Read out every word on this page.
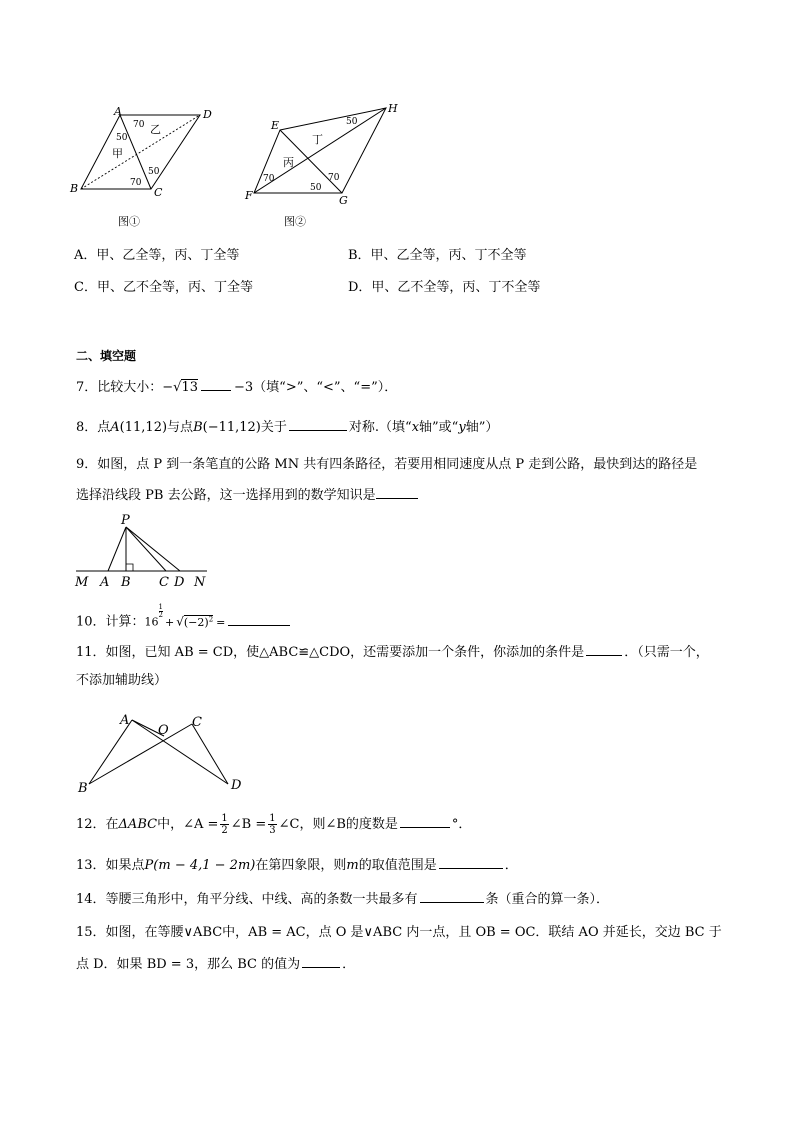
A	D
B	C
70
50
50
70
乙
甲
图①
E
H
F	G
50
70
50
70
丁
丙
图②
A．甲、乙全等，丙、丁全等	B．甲、乙全等，丙、丁不全等
C．甲、乙不全等，丙、丁全等	D．甲、乙不全等，丙、丁不全等
二、填空题
7．比较大小：−√13	−3（填“>”、“<”、“=”）．
8．点A(11,12)与点B(−11,12)关于	对称.（填“x轴”或“y轴”）
9．如图，点 P 到一条笔直的公路 MN 共有四条路径，若要用相同速度从点 P 走到公路，最快到达的路径是
选择沿线段 PB 去公路，这一选择用到的数学知识是
P
M A B C D N
10．计算：16
$\frac{1}{2}$
+ $√(-2)^2$ =
11．如图，已知 AB = CD，使△ABC≌△CDO，还需要添加一个条件，你添加的条件是	．（只需一个，
不添加辅助线）
A
O
C
B	D
12．在ΔABC中，∠A = $\frac{1}{2}$ ∠B = $\frac{1}{3}$ ∠C，则∠B的度数是	°．
13．如果点P(m − 4,1 − 2m)在第四象限，则m的取值范围是	．
14．等腰三角形中，角平分线、中线、高的条数一共最多有	条（重合的算一条）．
15．如图，在等腰∨ABC中，AB = AC，点 O 是∨ABC 内一点，且 OB = OC．联结 AO 并延长，交边 BC 于
点 D．如果 BD = 3，那么 BC 的值为	．
